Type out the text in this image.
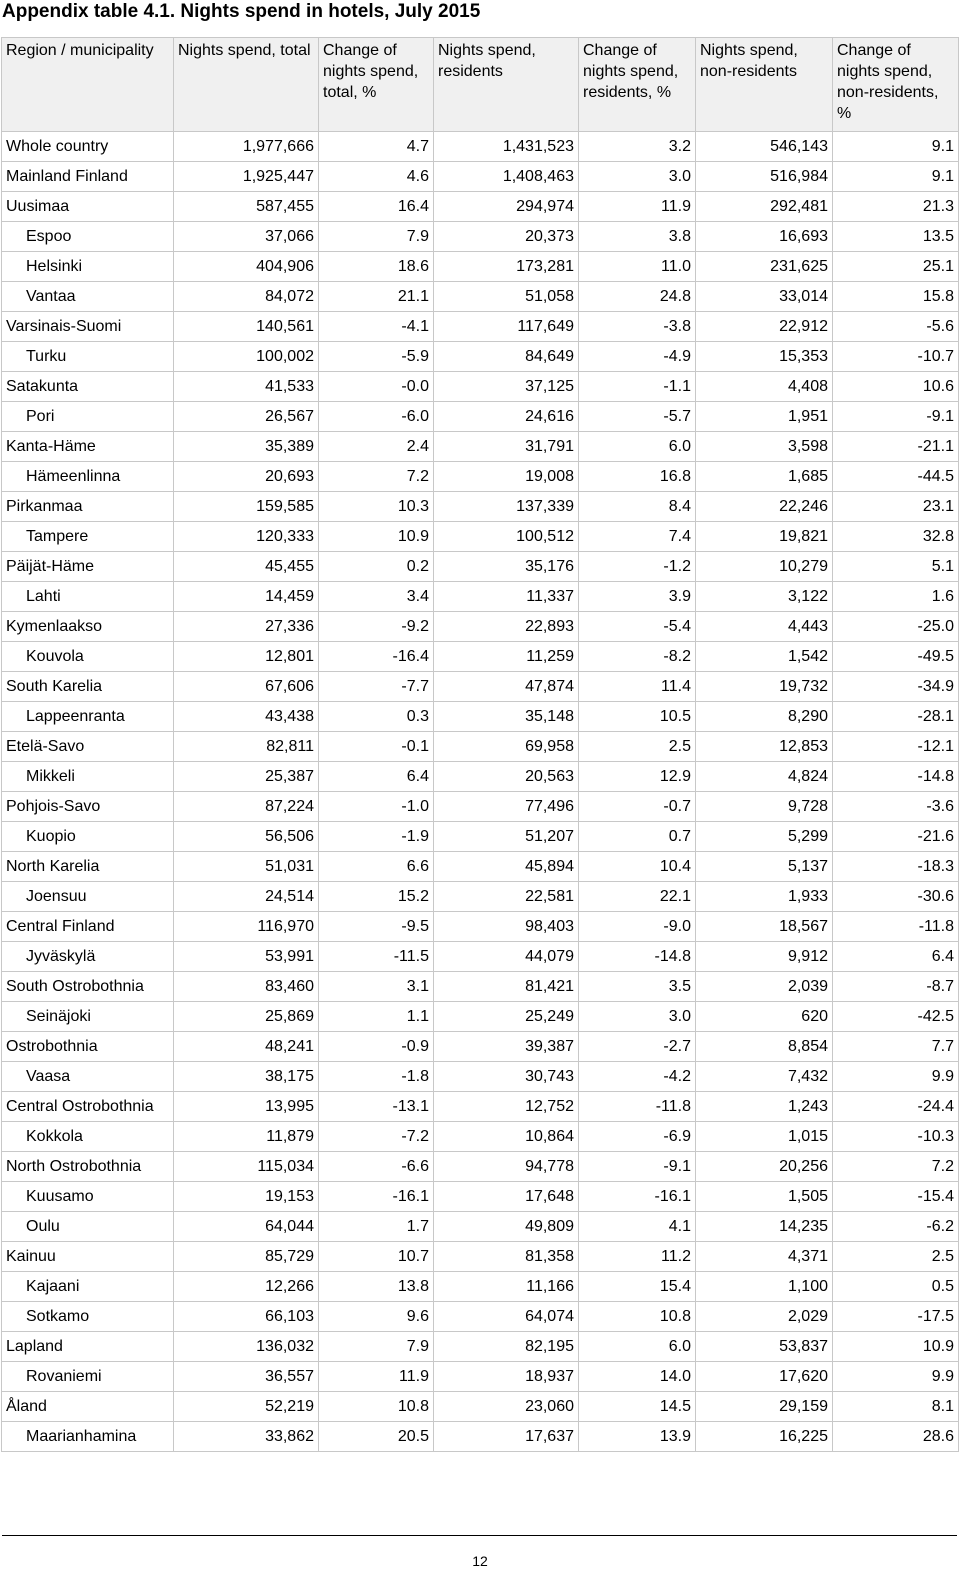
Appendix table 4.1. Nights spend in hotels, July 2015
Region / municipality	Nights spend, total	Change of nights spend, total, %	Nights spend, residents	Change of nights spend, residents, %	Nights spend, non-residents	Change of nights spend, non-residents, %
Whole country	1,977,666	4.7	1,431,523	3.2	546,143	9.1
Mainland Finland	1,925,447	4.6	1,408,463	3.0	516,984	9.1
Uusimaa	587,455	16.4	294,974	11.9	292,481	21.3
Espoo	37,066	7.9	20,373	3.8	16,693	13.5
Helsinki	404,906	18.6	173,281	11.0	231,625	25.1
Vantaa	84,072	21.1	51,058	24.8	33,014	15.8
Varsinais-Suomi	140,561	-4.1	117,649	-3.8	22,912	-5.6
Turku	100,002	-5.9	84,649	-4.9	15,353	-10.7
Satakunta	41,533	-0.0	37,125	-1.1	4,408	10.6
Pori	26,567	-6.0	24,616	-5.7	1,951	-9.1
Kanta-Häme	35,389	2.4	31,791	6.0	3,598	-21.1
Hämeenlinna	20,693	7.2	19,008	16.8	1,685	-44.5
Pirkanmaa	159,585	10.3	137,339	8.4	22,246	23.1
Tampere	120,333	10.9	100,512	7.4	19,821	32.8
Päijät-Häme	45,455	0.2	35,176	-1.2	10,279	5.1
Lahti	14,459	3.4	11,337	3.9	3,122	1.6
Kymenlaakso	27,336	-9.2	22,893	-5.4	4,443	-25.0
Kouvola	12,801	-16.4	11,259	-8.2	1,542	-49.5
South Karelia	67,606	-7.7	47,874	11.4	19,732	-34.9
Lappeenranta	43,438	0.3	35,148	10.5	8,290	-28.1
Etelä-Savo	82,811	-0.1	69,958	2.5	12,853	-12.1
Mikkeli	25,387	6.4	20,563	12.9	4,824	-14.8
Pohjois-Savo	87,224	-1.0	77,496	-0.7	9,728	-3.6
Kuopio	56,506	-1.9	51,207	0.7	5,299	-21.6
North Karelia	51,031	6.6	45,894	10.4	5,137	-18.3
Joensuu	24,514	15.2	22,581	22.1	1,933	-30.6
Central Finland	116,970	-9.5	98,403	-9.0	18,567	-11.8
Jyväskylä	53,991	-11.5	44,079	-14.8	9,912	6.4
South Ostrobothnia	83,460	3.1	81,421	3.5	2,039	-8.7
Seinäjoki	25,869	1.1	25,249	3.0	620	-42.5
Ostrobothnia	48,241	-0.9	39,387	-2.7	8,854	7.7
Vaasa	38,175	-1.8	30,743	-4.2	7,432	9.9
Central Ostrobothnia	13,995	-13.1	12,752	-11.8	1,243	-24.4
Kokkola	11,879	-7.2	10,864	-6.9	1,015	-10.3
North Ostrobothnia	115,034	-6.6	94,778	-9.1	20,256	7.2
Kuusamo	19,153	-16.1	17,648	-16.1	1,505	-15.4
Oulu	64,044	1.7	49,809	4.1	14,235	-6.2
Kainuu	85,729	10.7	81,358	11.2	4,371	2.5
Kajaani	12,266	13.8	11,166	15.4	1,100	0.5
Sotkamo	66,103	9.6	64,074	10.8	2,029	-17.5
Lapland	136,032	7.9	82,195	6.0	53,837	10.9
Rovaniemi	36,557	11.9	18,937	14.0	17,620	9.9
Åland	52,219	10.8	23,060	14.5	29,159	8.1
Maarianhamina	33,862	20.5	17,637	13.9	16,225	28.6
12
